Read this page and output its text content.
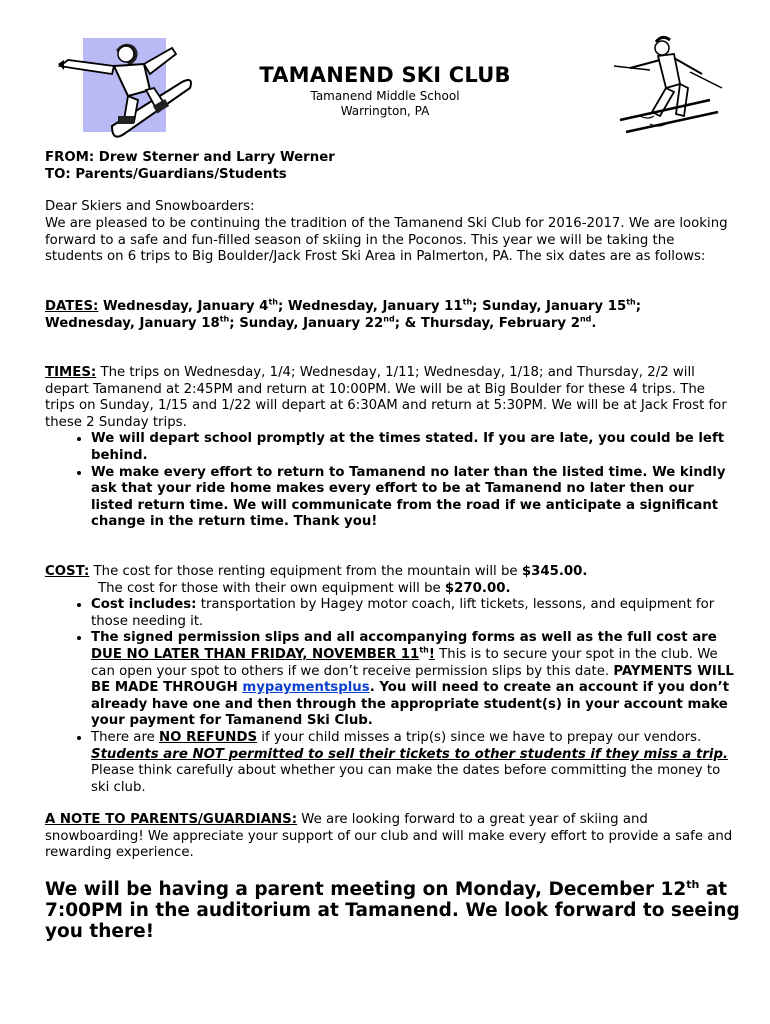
TAMANEND SKI CLUB
Tamanend Middle School
Warrington, PA
FROM: Drew Sterner and Larry Werner
TO: Parents/Guardians/Students
Dear Skiers and Snowboarders:
We are pleased to be continuing the tradition of the Tamanend Ski Club for 2016-2017. We are looking forward to a safe and fun-filled season of skiing in the Poconos. This year we will be taking the students on 6 trips to Big Boulder/Jack Frost Ski Area in Palmerton, PA. The six dates are as follows:
DATES: Wednesday, January 4th; Wednesday, January 11th; Sunday, January 15th; Wednesday, January 18th; Sunday, January 22nd; & Thursday, February 2nd.
TIMES: The trips on Wednesday, 1/4; Wednesday, 1/11; Wednesday, 1/18; and Thursday, 2/2 will depart Tamanend at 2:45PM and return at 10:00PM. We will be at Big Boulder for these 4 trips. The trips on Sunday, 1/15 and 1/22 will depart at 6:30AM and return at 5:30PM. We will be at Jack Frost for these 2 Sunday trips.
• We will depart school promptly at the times stated. If you are late, you could be left behind.
• We make every effort to return to Tamanend no later than the listed time. We kindly ask that your ride home makes every effort to be at Tamanend no later then our listed return time. We will communicate from the road if we anticipate a significant change in the return time. Thank you!
COST: The cost for those renting equipment from the mountain will be $345.00.
The cost for those with their own equipment will be $270.00.
• Cost includes: transportation by Hagey motor coach, lift tickets, lessons, and equipment for those needing it.
• The signed permission slips and all accompanying forms as well as the full cost are DUE NO LATER THAN FRIDAY, NOVEMBER 11th! This is to secure your spot in the club. We can open your spot to others if we don’t receive permission slips by this date. PAYMENTS WILL BE MADE THROUGH mypaymentsplus. You will need to create an account if you don’t already have one and then through the appropriate student(s) in your account make your payment for Tamanend Ski Club.
• There are NO REFUNDS if your child misses a trip(s) since we have to prepay our vendors. Students are NOT permitted to sell their tickets to other students if they miss a trip. Please think carefully about whether you can make the dates before committing the money to ski club.
A NOTE TO PARENTS/GUARDIANS: We are looking forward to a great year of skiing and snowboarding! We appreciate your support of our club and will make every effort to provide a safe and rewarding experience.
We will be having a parent meeting on Monday, December 12th at 7:00PM in the auditorium at Tamanend. We look forward to seeing you there!
